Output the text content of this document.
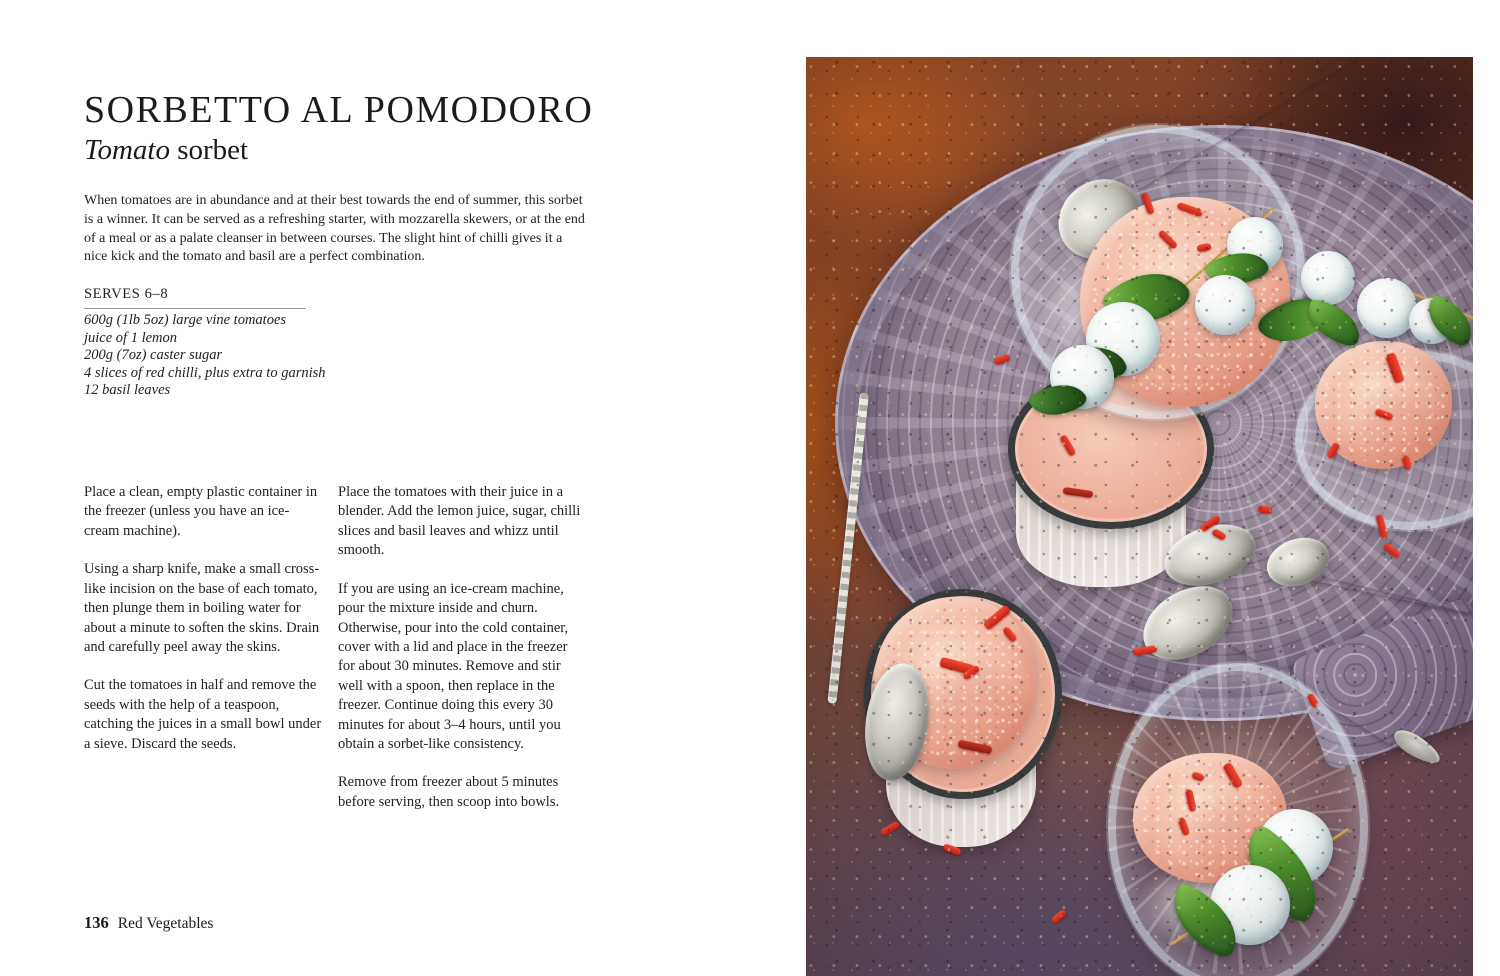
SORBETTO AL POMODORO
Tomato sorbet

When tomatoes are in abundance and at their best towards the end of summer, this sorbet is a winner. It can be served as a refreshing starter, with mozzarella skewers, or at the end of a meal or as a palate cleanser in between courses. The slight hint of chilli gives it a nice kick and the tomato and basil are a perfect combination.

SERVES 6–8
600g (1lb 5oz) large vine tomatoes
juice of 1 lemon
200g (7oz) caster sugar
4 slices of red chilli, plus extra to garnish
12 basil leaves

Place a clean, empty plastic container in the freezer (unless you have an ice-cream machine).

Using a sharp knife, make a small cross-like incision on the base of each tomato, then plunge them in boiling water for about a minute to soften the skins. Drain and carefully peel away the skins.

Cut the tomatoes in half and remove the seeds with the help of a teaspoon, catching the juices in a small bowl under a sieve. Discard the seeds.

Place the tomatoes with their juice in a blender. Add the lemon juice, sugar, chilli slices and basil leaves and whizz until smooth.

If you are using an ice-cream machine, pour the mixture inside and churn. Otherwise, pour into the cold container, cover with a lid and place in the freezer for about 30 minutes. Remove and stir well with a spoon, then replace in the freezer. Continue doing this every 30 minutes for about 3–4 hours, until you obtain a sorbet-like consistency.

Remove from freezer about 5 minutes before serving, then scoop into bowls.

136 Red Vegetables
